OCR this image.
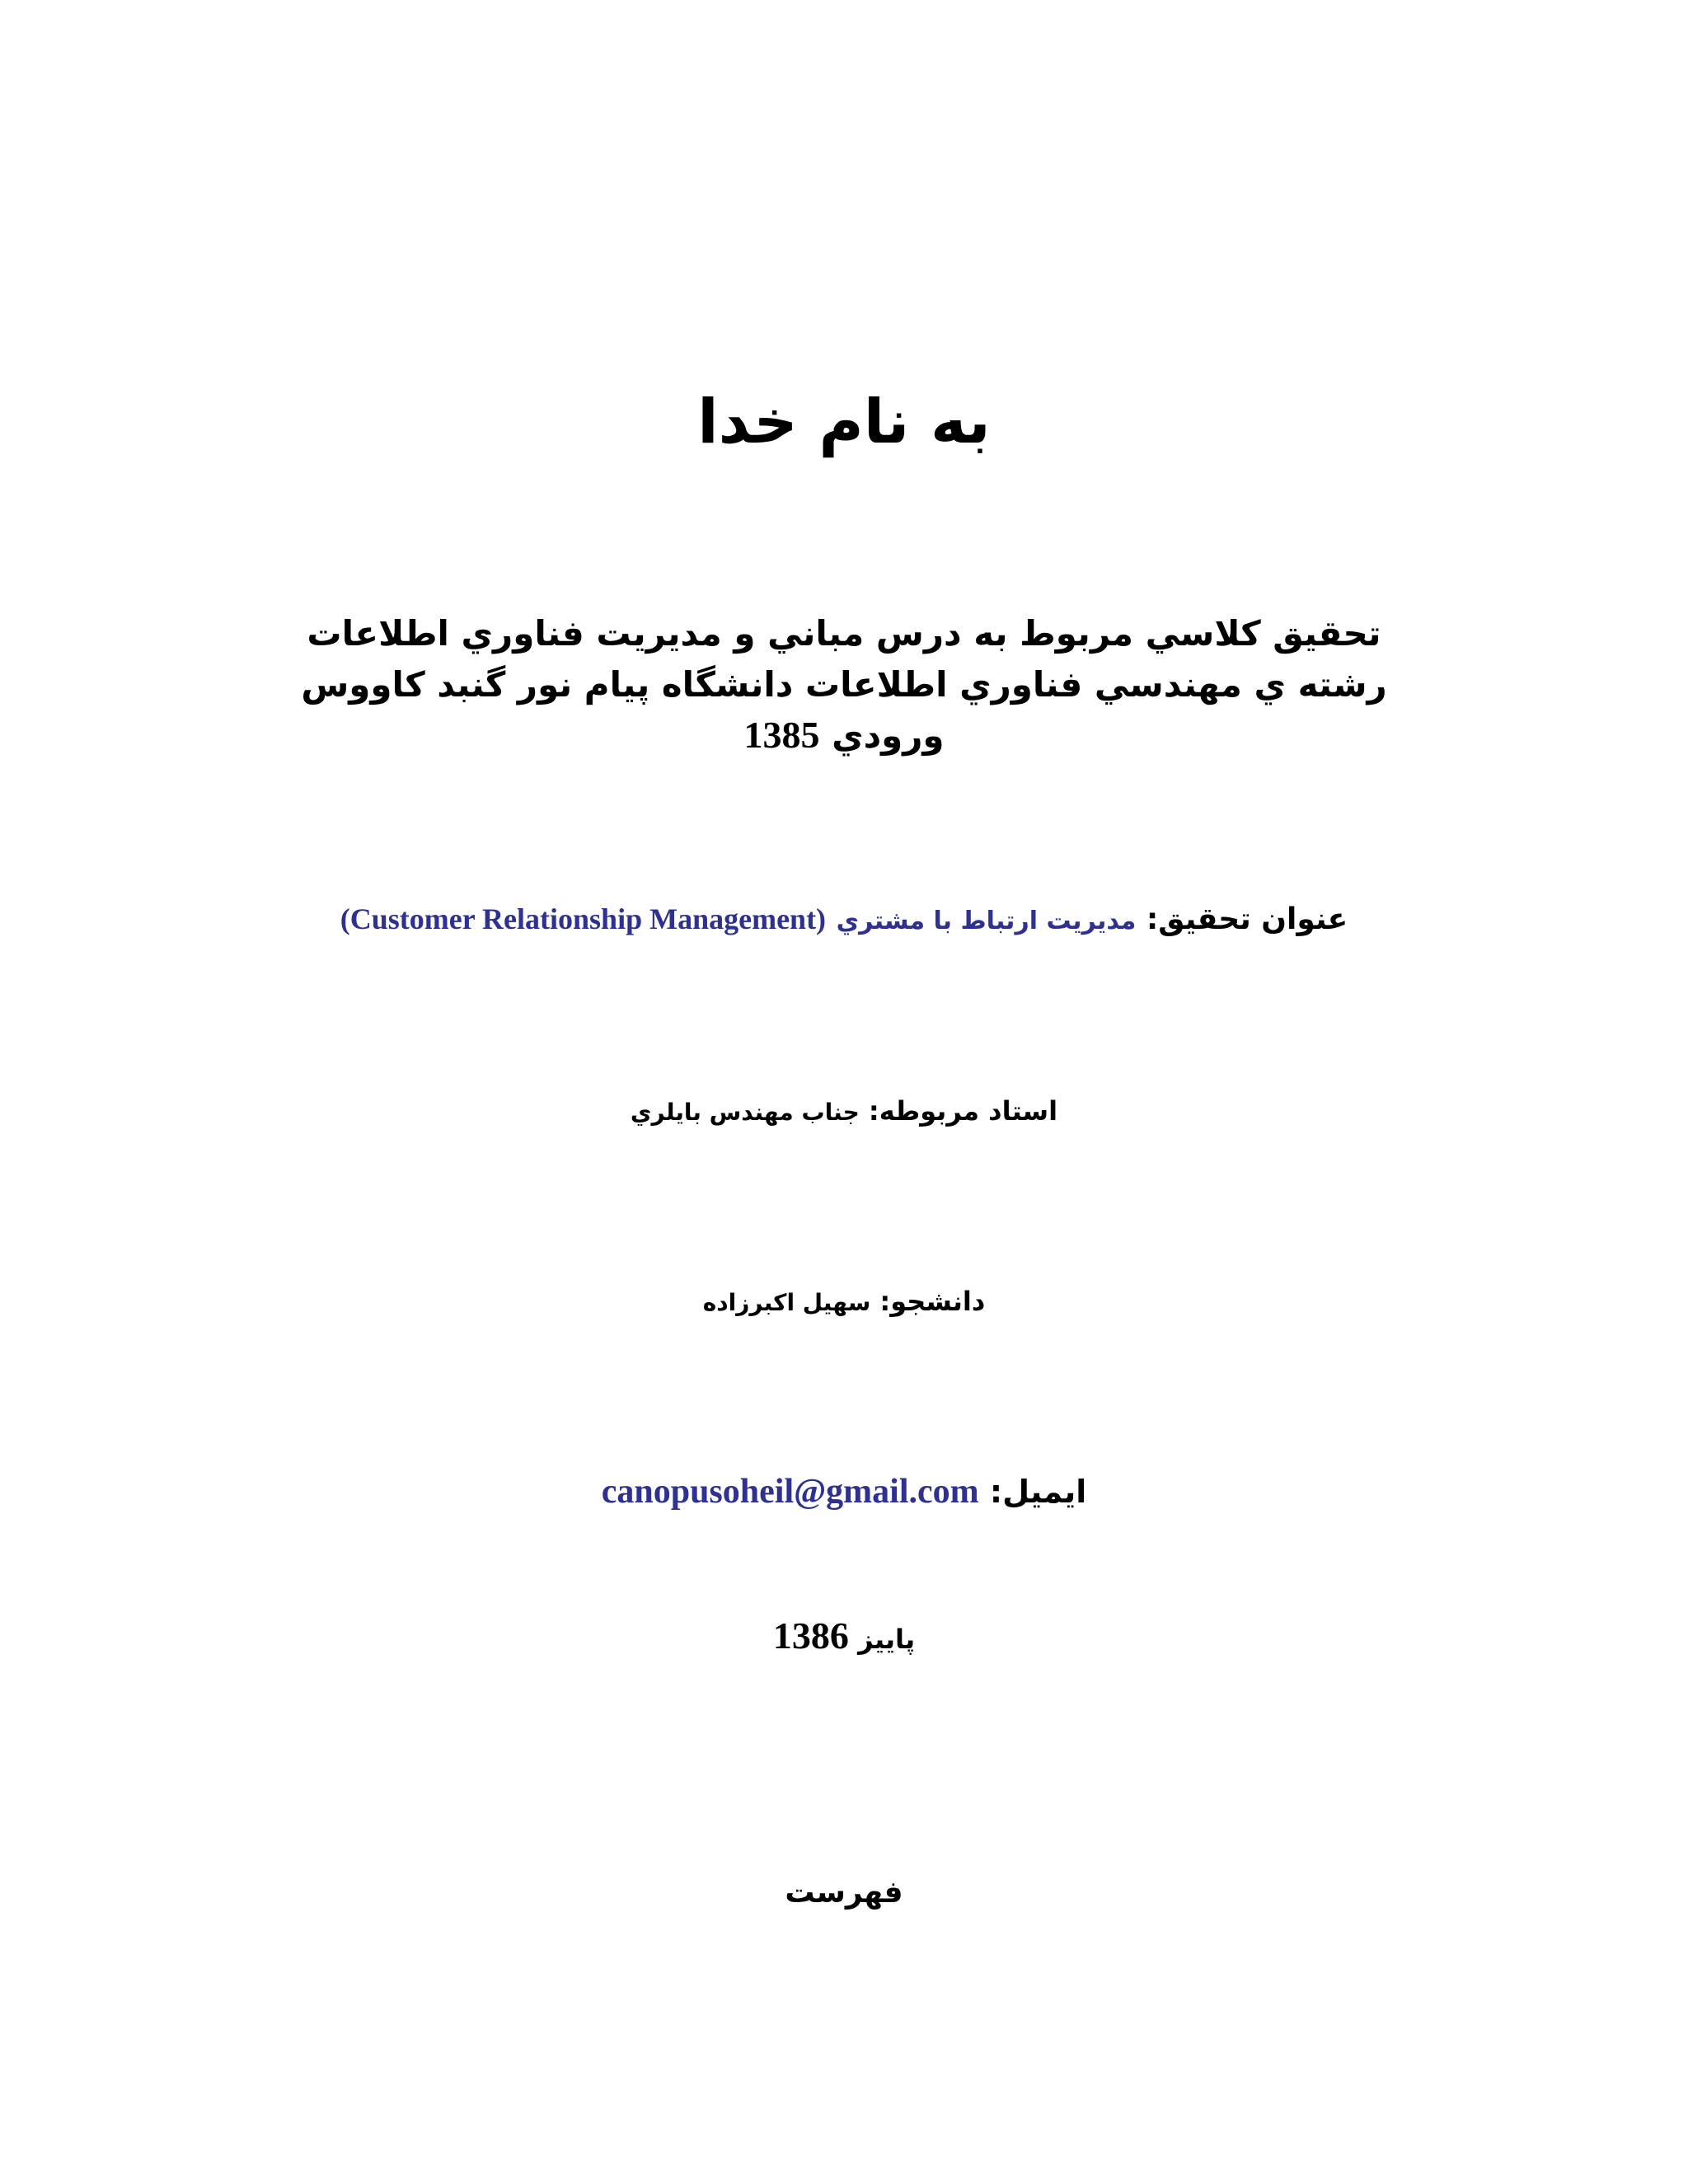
به نام خدا
تحقيق كلاسي مربوط به درس مباني و مديريت فناوري اطلاعات
رشته ي مهندسي فناوري اطلاعات دانشگاه پيام نور گنبد كاووس
ورودي 1385
عنوان تحقيق: مديريت ارتباط با مشتري (Customer Relationship Management)
استاد مربوطه: جناب مهندس بايلري
دانشجو: سهيل اكبرزاده
ايميل: canopusoheil@gmail.com
پاييز 1386
فهرست
